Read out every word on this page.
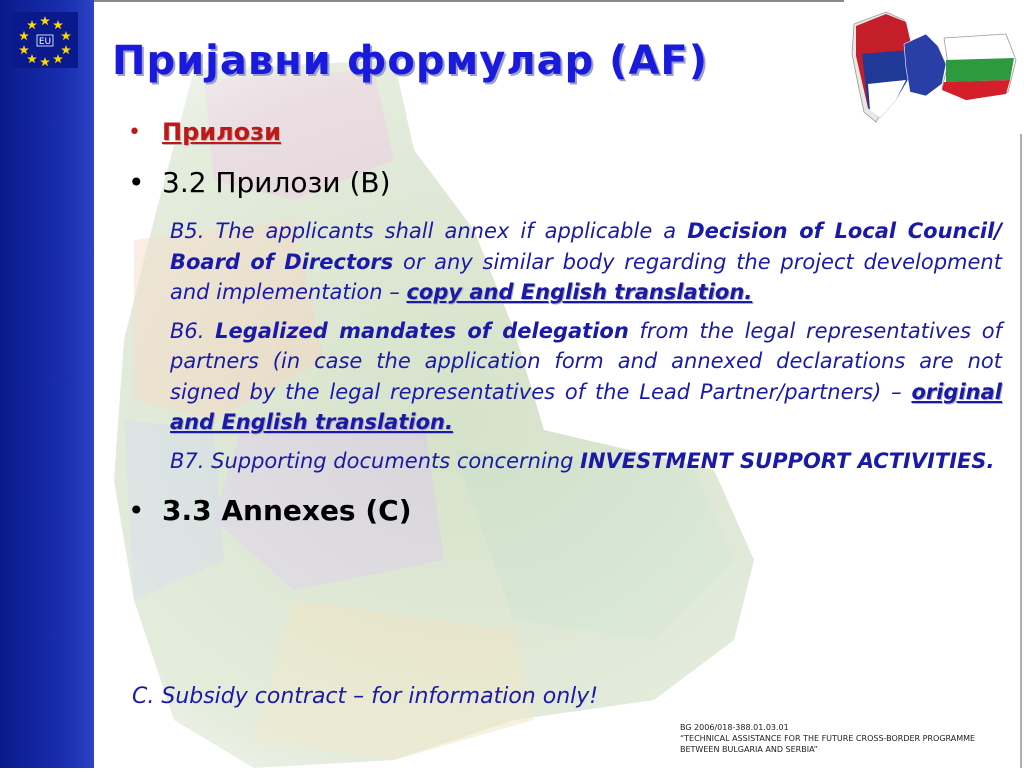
EU Пријавни формулар (AF)
• Прилози
• 3.2 Прилози (B)
B5. The applicants shall annex if applicable a Decision of Local Council/ Board of Directors or any similar body regarding the project development and implementation – copy and English translation.
B6. Legalized mandates of delegation from the legal representatives of partners (in case the application form and annexed declarations are not signed by the legal representatives of the Lead Partner/partners) – original and English translation.
B7. Supporting documents concerning INVESTMENT SUPPORT ACTIVITIES.
• 3.3 Annexes (C)
C. Subsidy contract – for information only!
BG 2006/018-388.01.03.01
“TECHNICAL ASSISTANCE FOR THE FUTURE CROSS-BORDER PROGRAMME
BETWEEN BULGARIA AND SERBIA”
